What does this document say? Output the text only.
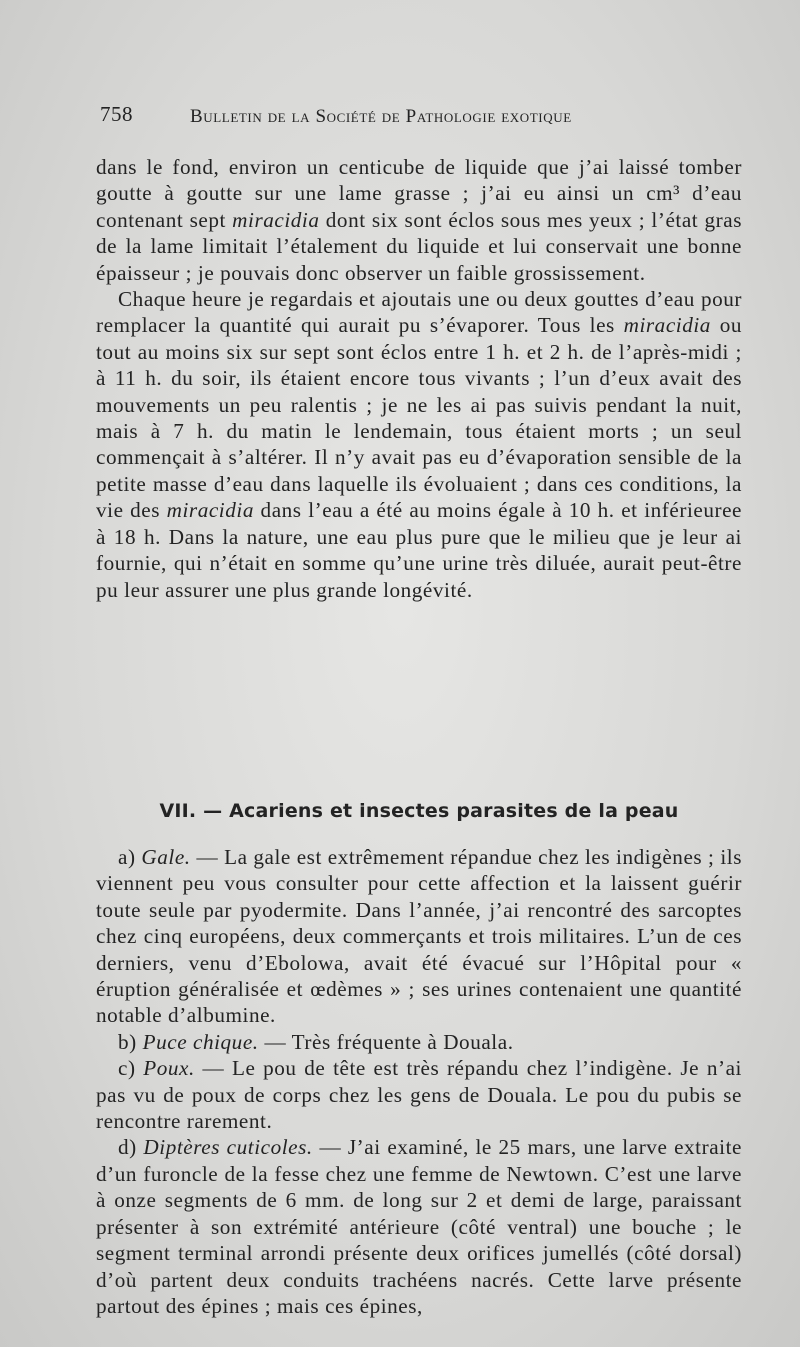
758	Bulletin de la Société de Pathologie exotique

dans le fond, environ un centicube de liquide que j’ai laissé tomber goutte à goutte sur une lame grasse ; j’ai eu ainsi un cm³ d’eau contenant sept miracidia dont six sont éclos sous mes yeux ; l’état gras de la lame limitait l’étalement du liquide et lui conservait une bonne épaisseur ; je pouvais donc observer un faible grossissement.

Chaque heure je regardais et ajoutais une ou deux gouttes d’eau pour remplacer la quantité qui aurait pu s’évaporer. Tous les miracidia ou tout au moins six sur sept sont éclos entre 1 h. et 2 h. de l’après-midi ; à 11 h. du soir, ils étaient encore tous vivants ; l’un d’eux avait des mouvements un peu ralentis ; je ne les ai pas suivis pendant la nuit, mais à 7 h. du matin le lendemain, tous étaient morts ; un seul commençait à s’altérer. Il n’y avait pas eu d’évaporation sensible de la petite masse d’eau dans laquelle ils évoluaient ; dans ces conditions, la vie des miracidia dans l’eau a été au moins égale à 10 h. et inférieuree à 18 h. Dans la nature, une eau plus pure que le milieu que je leur ai fournie, qui n’était en somme qu’une urine très diluée, aurait peut-être pu leur assurer une plus grande longévité.

VII. — Acariens et insectes parasites de la peau

a) Gale. — La gale est extrêmement répandue chez les indigènes ; ils viennent peu vous consulter pour cette affection et la laissent guérir toute seule par pyodermite. Dans l’année, j’ai rencontré des sarcoptes chez cinq européens, deux commerçants et trois militaires. L’un de ces derniers, venu d’Ebolowa, avait été évacué sur l’Hôpital pour « éruption généralisée et œdèmes » ; ses urines contenaient une quantité notable d’albumine.

b) Puce chique. — Très fréquente à Douala.

c) Poux. — Le pou de tête est très répandu chez l’indigène. Je n’ai pas vu de poux de corps chez les gens de Douala. Le pou du pubis se rencontre rarement.

d) Diptères cuticoles. — J’ai examiné, le 25 mars, une larve extraite d’un furoncle de la fesse chez une femme de Newtown. C’est une larve à onze segments de 6 mm. de long sur 2 et demi de large, paraissant présenter à son extrémité antérieure (côté ventral) une bouche ; le segment terminal arrondi présente deux orifices jumellés (côté dorsal) d’où partent deux conduits trachéens nacrés. Cette larve présente partout des épines ; mais ces épines,
